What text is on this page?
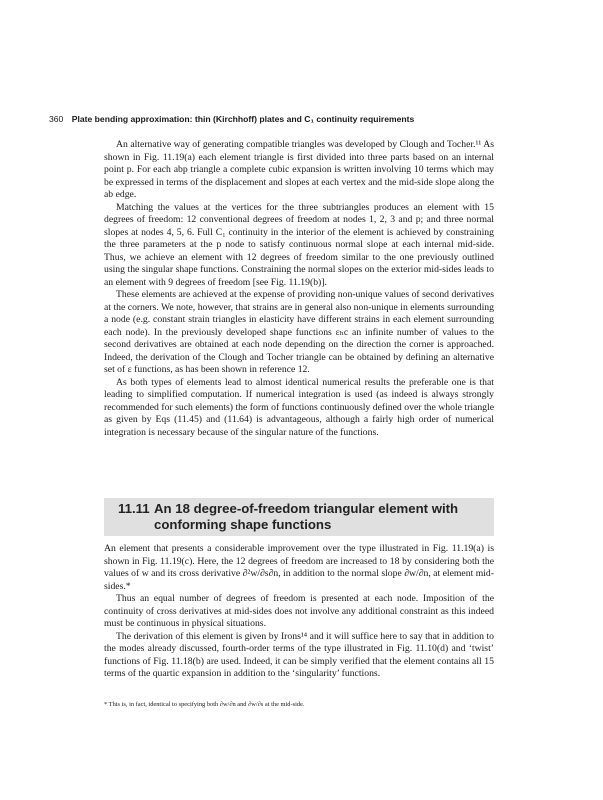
360 Plate bending approximation: thin (Kirchhoff) plates and C₁ continuity requirements

An alternative way of generating compatible triangles was developed by Clough and Tocher.¹¹ As shown in Fig. 11.19(a) each element triangle is first divided into three parts based on an internal point p. For each abp triangle a complete cubic expansion is written involving 10 terms which may be expressed in terms of the displacement and slopes at each vertex and the mid-side slope along the ab edge.

Matching the values at the vertices for the three subtriangles produces an element with 15 degrees of freedom: 12 conventional degrees of freedom at nodes 1, 2, 3 and p; and three normal slopes at nodes 4, 5, 6. Full C₁ continuity in the interior of the element is achieved by constraining the three parameters at the p node to satisfy continuous normal slope at each internal mid-side. Thus, we achieve an element with 12 degrees of freedom similar to the one previously outlined using the singular shape functions. Constraining the normal slopes on the exterior mid-sides leads to an element with 9 degrees of freedom [see Fig. 11.19(b)].

These elements are achieved at the expense of providing non-unique values of second derivatives at the corners. We note, however, that strains are in general also non-unique in elements surrounding a node (e.g. constant strain triangles in elasticity have different strains in each element surrounding each node). In the previously developed shape functions εₕc an infinite number of values to the second derivatives are obtained at each node depending on the direction the corner is approached. Indeed, the derivation of the Clough and Tocher triangle can be obtained by defining an alternative set of ε functions, as has been shown in reference 12.

As both types of elements lead to almost identical numerical results the preferable one is that leading to simplified computation. If numerical integration is used (as indeed is always strongly recommended for such elements) the form of functions continuously defined over the whole triangle as given by Eqs (11.45) and (11.64) is advantageous, although a fairly high order of numerical integration is necessary because of the singular nature of the functions.

11.11 An 18 degree-of-freedom triangular element with
conforming shape functions

An element that presents a considerable improvement over the type illustrated in Fig. 11.19(a) is shown in Fig. 11.19(c). Here, the 12 degrees of freedom are increased to 18 by considering both the values of w and its cross derivative ∂²w/∂s∂n, in addition to the normal slope ∂w/∂n, at element mid-sides.*

Thus an equal number of degrees of freedom is presented at each node. Imposition of the continuity of cross derivatives at mid-sides does not involve any additional constraint as this indeed must be continuous in physical situations.

The derivation of this element is given by Irons¹⁴ and it will suffice here to say that in addition to the modes already discussed, fourth-order terms of the type illustrated in Fig. 11.10(d) and ‘twist’ functions of Fig. 11.18(b) are used. Indeed, it can be simply verified that the element contains all 15 terms of the quartic expansion in addition to the ‘singularity’ functions.

* This is, in fact, identical to specifying both ∂w/∂n and ∂w/∂s at the mid-side.
